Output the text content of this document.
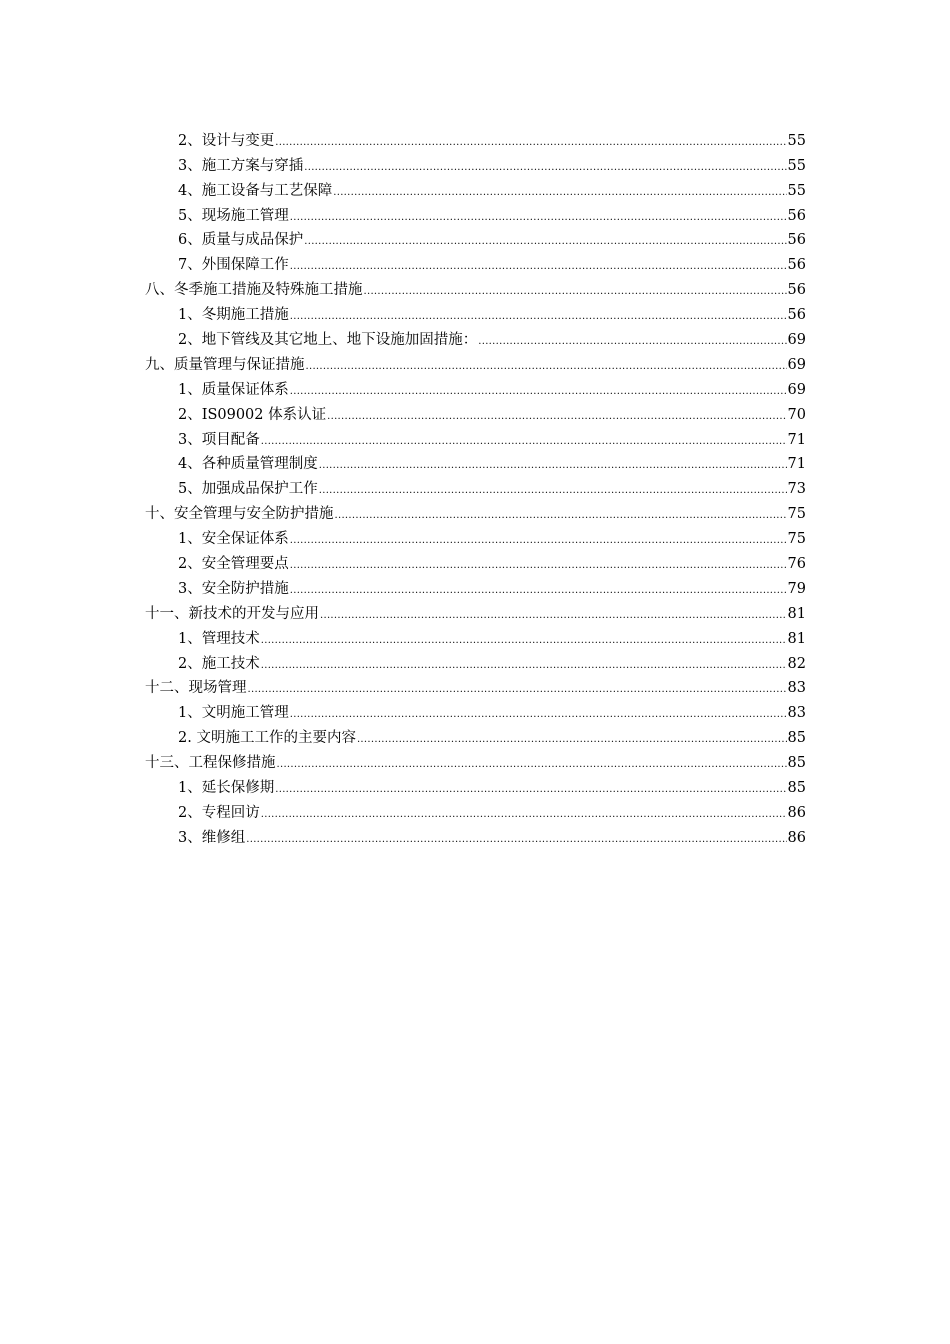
2、设计与变更 .....	55
3、施工方案与穿插 .....	55
4、施工设备与工艺保障 .....	55
5、现场施工管理 .....	56
6、质量与成品保护 .....	56
7、外围保障工作 .....	56
八、冬季施工措施及特殊施工措施 .....	56
1、冬期施工措施 .....	56
2、地下管线及其它地上、地下设施加固措施： .....	69
九、质量管理与保证措施 .....	69
1、质量保证体系 .....	69
2、IS09002 体系认证 .....	70
3、项目配备 .....	71
4、各种质量管理制度 .....	71
5、加强成品保护工作 .....	73
十、安全管理与安全防护措施 .....	75
1、安全保证体系 .....	75
2、安全管理要点 .....	76
3、安全防护措施 .....	79
十一、新技术的开发与应用 .....	81
1、管理技术 .....	81
2、施工技术 .....	82
十二、现场管理 .....	83
1、文明施工管理 .....	83
2. 文明施工工作的主要内容 .....	85
十三、工程保修措施 .....	85
1、延长保修期 .....	85
2、专程回访 .....	86
3、维修组 .....	86
